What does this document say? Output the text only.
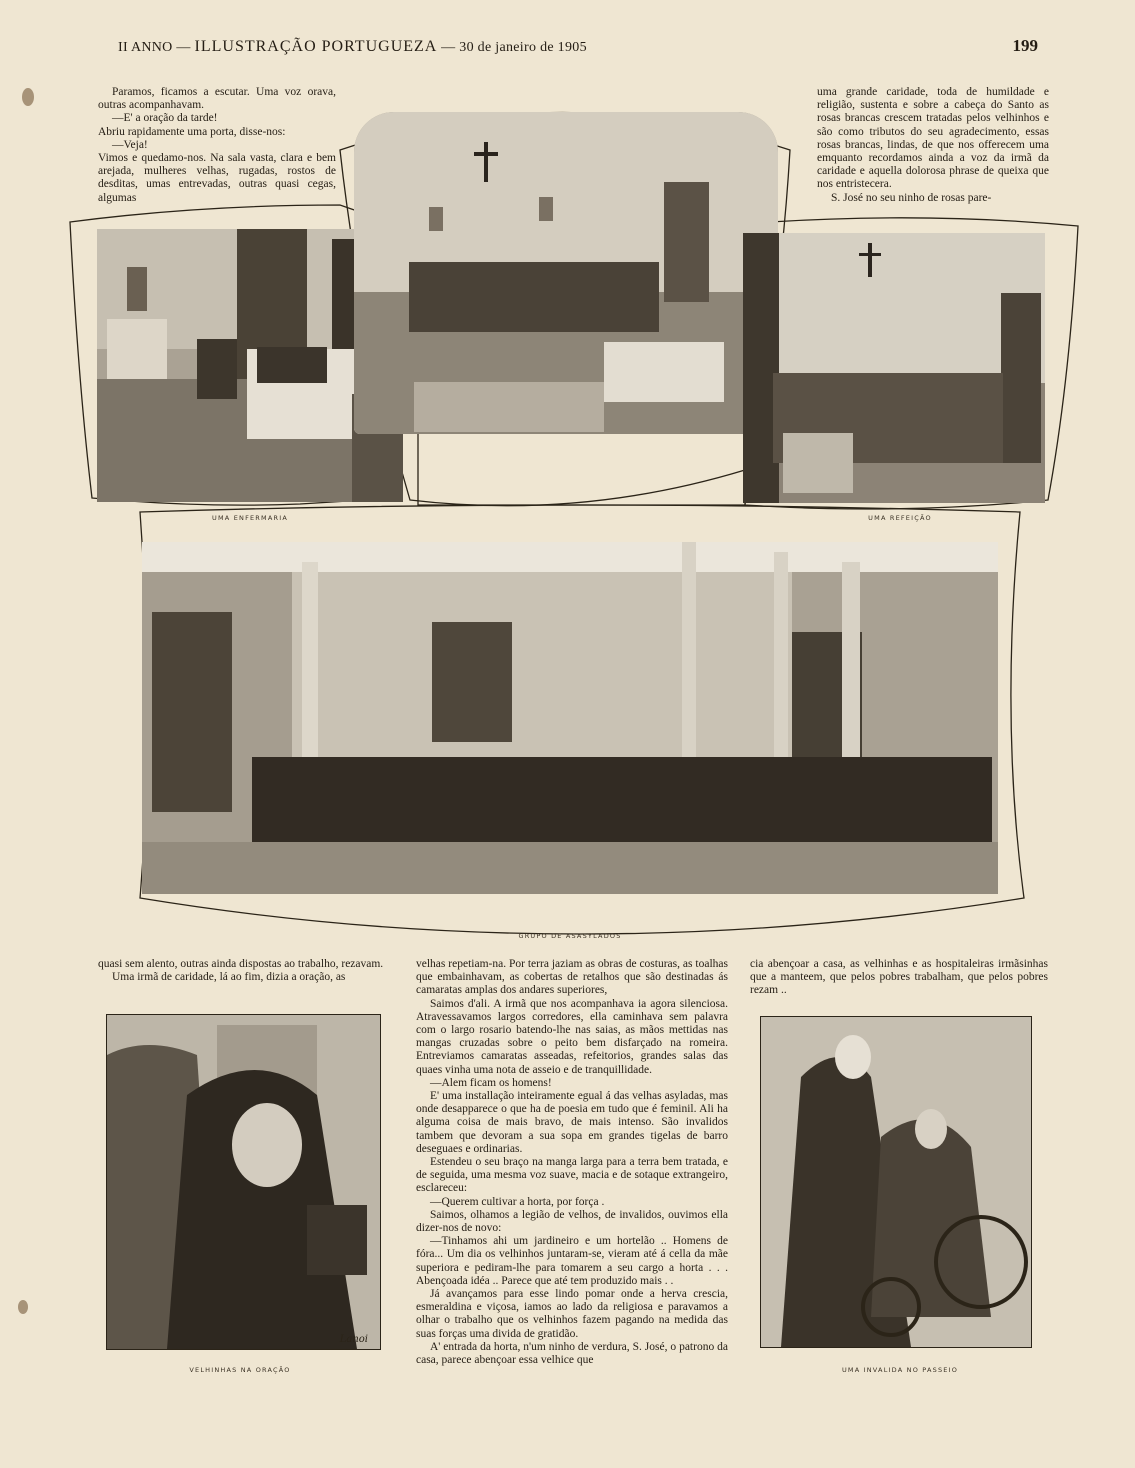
II ANNO — ILLUSTRAÇÃO PORTUGUEZA — 30 de janeiro de 1905	199

Paramos, ficamos a escutar. Uma voz orava, outras acompanhavam.

—E' a oração da tarde!

Abriu rapidamente uma porta, disse-nos:

—Veja!

Vimos e quedamo-nos. Na sala vasta, clara e bem arejada, mulheres velhas, rugadas, rostos de desditas, umas entrevadas, outras quasi cegas, algumas

uma grande caridade, toda de humildade e religião, sustenta e sobre a cabeça do Santo as rosas brancas crescem tratadas pelos velhinhos e são como tributos do seu agradecimento, essas rosas brancas, lindas, de que nos offerecem uma emquanto recordamos ainda a voz da irmã da caridade e aquella dolorosa phrase de queixa que nos entristecera.

S. José no seu ninho de rosas pare-

UMA ENFERMARIA	UMA REFEIÇÃO
GRUPO DE ASASYLADOS

quasi sem alento, outras ainda dispostas ao trabalho, rezavam.

Uma irmã de caridade, lá ao fim, dizia a oração, as

velhas repetiam-na. Por terra jaziam as obras de costuras, as toalhas que embainhavam, as cobertas de retalhos que são destinadas ás camaratas amplas dos andares superiores,

Saimos d'ali. A irmã que nos acompanhava ia agora silenciosa. Atravessavamos largos corredores, ella caminhava sem palavra com o largo rosario batendo-lhe nas saias, as mãos mettidas nas mangas cruzadas sobre o peito bem disfarçado na romeira. Entreviamos camaratas asseadas, refeitorios, grandes salas das quaes vinha uma nota de asseio e de tranquillidade.

—Alem ficam os homens!

E' uma installação inteiramente egual á das velhas asyladas, mas onde desapparece o que ha de poesia em tudo que é feminil. Ali ha alguma coisa de mais bravo, de mais intenso. São invalidos tambem que devoram a sua sopa em grandes tigelas de barro deseguaes e ordinarias.

Estendeu o seu braço na manga larga para a terra bem tratada, e de seguida, uma mesma voz suave, macia e de sotaque extrangeiro, esclareceu:

—Querem cultivar a horta, por força .

Saimos, olhamos a legião de velhos, de invalidos, ouvimos ella dizer-nos de novo:

—Tinhamos ahi um jardineiro e um hortelão .. Homens de fóra... Um dia os velhinhos juntaram-se, vieram até á cella da mãe superiora e pediram-lhe para tomarem a seu cargo a horta . . . Abençoada idéa .. Parece que até tem produzido mais . .

Já avançamos para esse lindo pomar onde a herva crescia, esmeraldina e viçosa, iamos ao lado da religiosa e paravamos a olhar o trabalho que os velhinhos fazem pagando na medida das suas forças uma divida de gratidão.

A' entrada da horta, n'um ninho de verdura, S. José, o patrono da casa, parece abençoar essa velhice que

cia abençoar a casa, as velhinhas e as hospitaleiras irmãsinhas que a manteem, que pelos pobres trabalham, que pelos pobres rezam ..

Lanoi
VELHINHAS NA ORAÇÃO	UMA INVALIDA NO PASSEIO
